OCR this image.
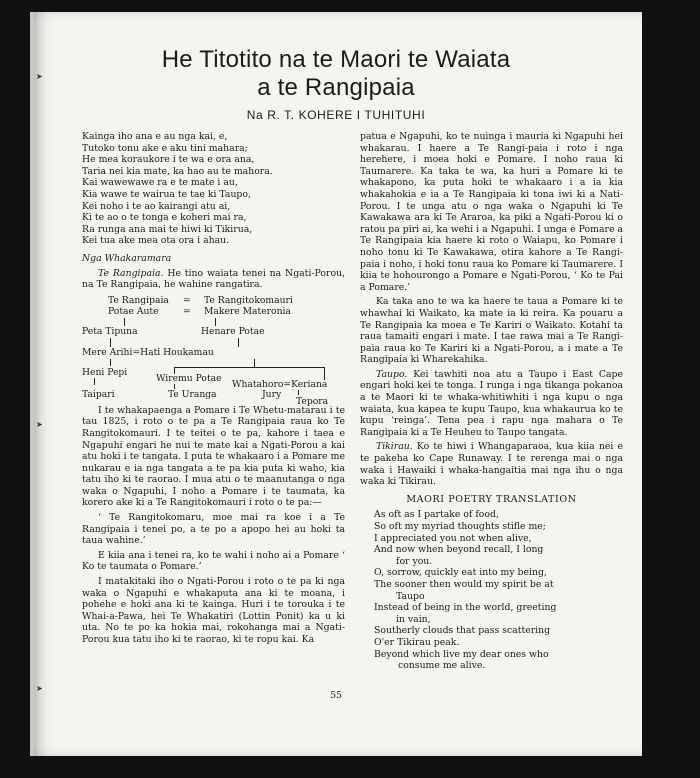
➤
➤
➤
He Titotito na te Maori te Waiata
a te Rangipaia
Na R. T. KOHERE I TUHITUHI
Kainga iho ana e au nga kai, e,
Tutoko tonu ake e aku tini mahara;
He mea koraukore i te wa e ora ana,
Taria nei kia mate, ka hao au te mahora.
Kai wawewawe ra e te mate i au,
Kia wawe te wairua te tae ki Taupo,
Kei noho i te ao kairangi atu ai,
Ki te ao o te tonga e koheri mai ra,
Ra runga ana mai te hiwi ki Tikirua,
Kei tua ake mea ota ora i ahau.
Nga Whakaramara

Te Rangipaia. He tino waiata tenei na Ngati-Porou, na Te Rangipaia, he wahine rangatira.

Te Rangipaia = Te Rangitokomauri
Potae Aute	= Makere Materonia
Peta Tipuna	Henare Potae
Mere Arihi=Hati Houkamau
Heni Pepi
Wiremu Potae
Whatahoro=Keriana
Taipari	Te Uranga	Jury
Tepora

I te whakapaenga a Pomare i Te Whetu-matarau i te tau 1825, i roto o te pa a Te Rangipaia raua ko Te Rangitokomauri. I te teitei o te pa, kahore i taea e Ngapuhi engari he nui te mate kai a Ngati-Porou a kai atu hoki i te tangata. I puta te whakaaro i a Pomare me nukarau e ia nga tangata a te pa kia puta ki waho, kia tatu iho ki te raorao. I mua atu o te maanutanga o nga waka o Ngapuhi, I noho a Pomare i te taumata, ka korero ake ki a Te Rangitokomauri i roto o te pa:—

‘ Te Rangitokomaru, moe mai ra koe i a Te Rangipaia i tenei po, a te po a apopo hei au hoki ta taua wahine.’

E kiia ana i tenei ra, ko te wahi i noho ai a Pomare ‘ Ko te taumata o Pomare.’

I matakitaki iho o Ngati-Porou i roto o te pa ki nga waka o Ngapuhi e whakaputa ana ki te moana, i pohehe e hoki ana ki te kainga. Huri i te torouka i te Whai-a-Pawa, hei Te Whakatiri (Lottin Ponit) ka u ki uta. No te po ka hokia mai, rokohanga mai a Ngati-Porou kua tatu iho ki te raorao, ki te ropu kai. Ka

patua e Ngapuhi, ko te nuinga i mauria ki Ngapuhi hei whakarau. I haere a Te Rangi-paia i roto i nga herehere, i moea hoki e Pomare. I noho raua ki Taumarere. Ka taka te wa, ka huri a Pomare ki te whakapono, ka puta hoki te whakaaro i a ia kia whakahokia e ia a Te Rangipaia ki tona iwi ki a Nati-Porou. I te unga atu o nga waka o Ngapuhi ki Te Kawakawa ara ki Te Araroa, ka piki a Ngati-Porou ki o ratou pa piri ai, ka wehi i a Ngapuhi. I unga e Pomare a Te Rangipaia kia haere ki roto o Waiapu, ko Pomare i noho tonu ki Te Kawakawa, otira kahore a Te Rangi-paia i noho, i hoki tonu raua ko Pomare ki Taumarere. I kiia te hohourongo a Pomare e Ngati-Porou, ‘ Ko te Pai a Pomare.’

Ka taka ano te wa ka haere te taua a Pomare ki te whawhai ki Waikato, ka mate ia ki reira. Ka pouaru a Te Rangipaia ka moea e Te Kariri o Waikato. Kotahi ta raua tamaiti engari i mate. I tae rawa mai a Te Rangi-paia raua ko Te Kariri ki a Ngati-Porou, a i mate a Te Rangipaia ki Wharekahika.

Taupo. Kei tawhiti noa atu a Taupo i East Cape engari hoki kei te tonga. I runga i nga tikanga pokanoa a te Maori ki te whaka-whitiwhiti i nga kupu o nga waiata, kua kapea te kupu Taupo, kua whakaurua ko te kupu ‘reinga’. Tena pea i rapu nga mahara o Te Rangipaia ki a Te Heuheu to Taupo tangata.

Tikirau. Ko te hiwi i Whangaparaoa, kua kiia nei e te pakeha ko Cape Runaway. I te rerenga mai o nga waka i Hawaiki i whaka-hangaitia mai nga ihu o nga waka ki Tikirau.

MAORI POETRY TRANSLATION
As oft as I partake of food,
So oft my myriad thoughts stifle me;
I appreciated you not when alive,
And now when beyond recall, I long
for you.
O, sorrow, quickly eat into my being,
The sooner then would my spirit be at
Taupo
Instead of being in the world, greeting
in vain,
Southerly clouds that pass scattering
O'er Tikirau peak.
Beyond which live my dear ones who
consume me alive.
55
